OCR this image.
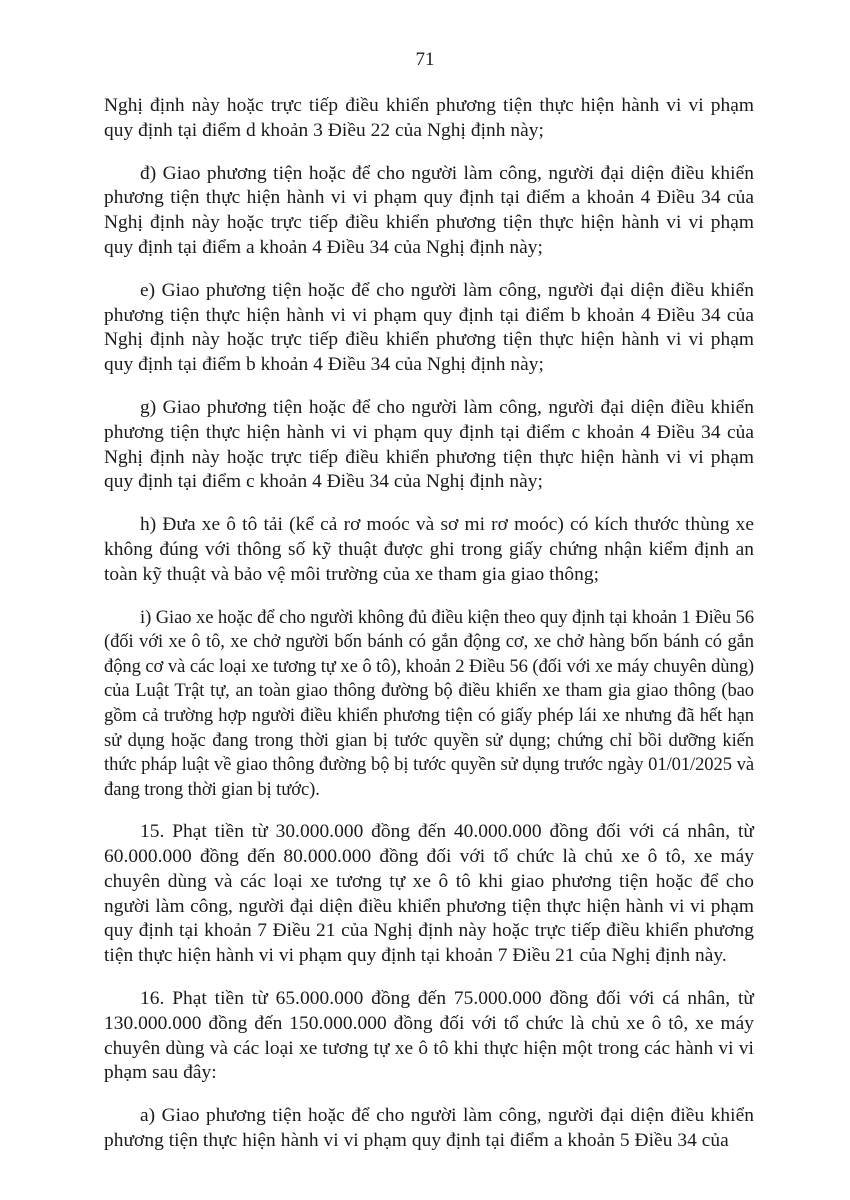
71

Nghị định này hoặc trực tiếp điều khiển phương tiện thực hiện hành vi vi phạm quy định tại điểm d khoản 3 Điều 22 của Nghị định này;

đ) Giao phương tiện hoặc để cho người làm công, người đại diện điều khiển phương tiện thực hiện hành vi vi phạm quy định tại điểm a khoản 4 Điều 34 của Nghị định này hoặc trực tiếp điều khiển phương tiện thực hiện hành vi vi phạm quy định tại điểm a khoản 4 Điều 34 của Nghị định này;

e) Giao phương tiện hoặc để cho người làm công, người đại diện điều khiển phương tiện thực hiện hành vi vi phạm quy định tại điểm b khoản 4 Điều 34 của Nghị định này hoặc trực tiếp điều khiển phương tiện thực hiện hành vi vi phạm quy định tại điểm b khoản 4 Điều 34 của Nghị định này;

g) Giao phương tiện hoặc để cho người làm công, người đại diện điều khiển phương tiện thực hiện hành vi vi phạm quy định tại điểm c khoản 4 Điều 34 của Nghị định này hoặc trực tiếp điều khiển phương tiện thực hiện hành vi vi phạm quy định tại điểm c khoản 4 Điều 34 của Nghị định này;

h) Đưa xe ô tô tải (kể cả rơ moóc và sơ mi rơ moóc) có kích thước thùng xe không đúng với thông số kỹ thuật được ghi trong giấy chứng nhận kiểm định an toàn kỹ thuật và bảo vệ môi trường của xe tham gia giao thông;

i) Giao xe hoặc để cho người không đủ điều kiện theo quy định tại khoản 1 Điều 56 (đối với xe ô tô, xe chở người bốn bánh có gắn động cơ, xe chở hàng bốn bánh có gắn động cơ và các loại xe tương tự xe ô tô), khoản 2 Điều 56 (đối với xe máy chuyên dùng) của Luật Trật tự, an toàn giao thông đường bộ điều khiển xe tham gia giao thông (bao gồm cả trường hợp người điều khiển phương tiện có giấy phép lái xe nhưng đã hết hạn sử dụng hoặc đang trong thời gian bị tước quyền sử dụng; chứng chỉ bồi dưỡng kiến thức pháp luật về giao thông đường bộ bị tước quyền sử dụng trước ngày 01/01/2025 và đang trong thời gian bị tước).

15. Phạt tiền từ 30.000.000 đồng đến 40.000.000 đồng đối với cá nhân, từ 60.000.000 đồng đến 80.000.000 đồng đối với tổ chức là chủ xe ô tô, xe máy chuyên dùng và các loại xe tương tự xe ô tô khi giao phương tiện hoặc để cho người làm công, người đại diện điều khiển phương tiện thực hiện hành vi vi phạm quy định tại khoản 7 Điều 21 của Nghị định này hoặc trực tiếp điều khiển phương tiện thực hiện hành vi vi phạm quy định tại khoản 7 Điều 21 của Nghị định này.

16. Phạt tiền từ 65.000.000 đồng đến 75.000.000 đồng đối với cá nhân, từ 130.000.000 đồng đến 150.000.000 đồng đối với tổ chức là chủ xe ô tô, xe máy chuyên dùng và các loại xe tương tự xe ô tô khi thực hiện một trong các hành vi vi phạm sau đây:

a) Giao phương tiện hoặc để cho người làm công, người đại diện điều khiển phương tiện thực hiện hành vi vi phạm quy định tại điểm a khoản 5 Điều 34 của
